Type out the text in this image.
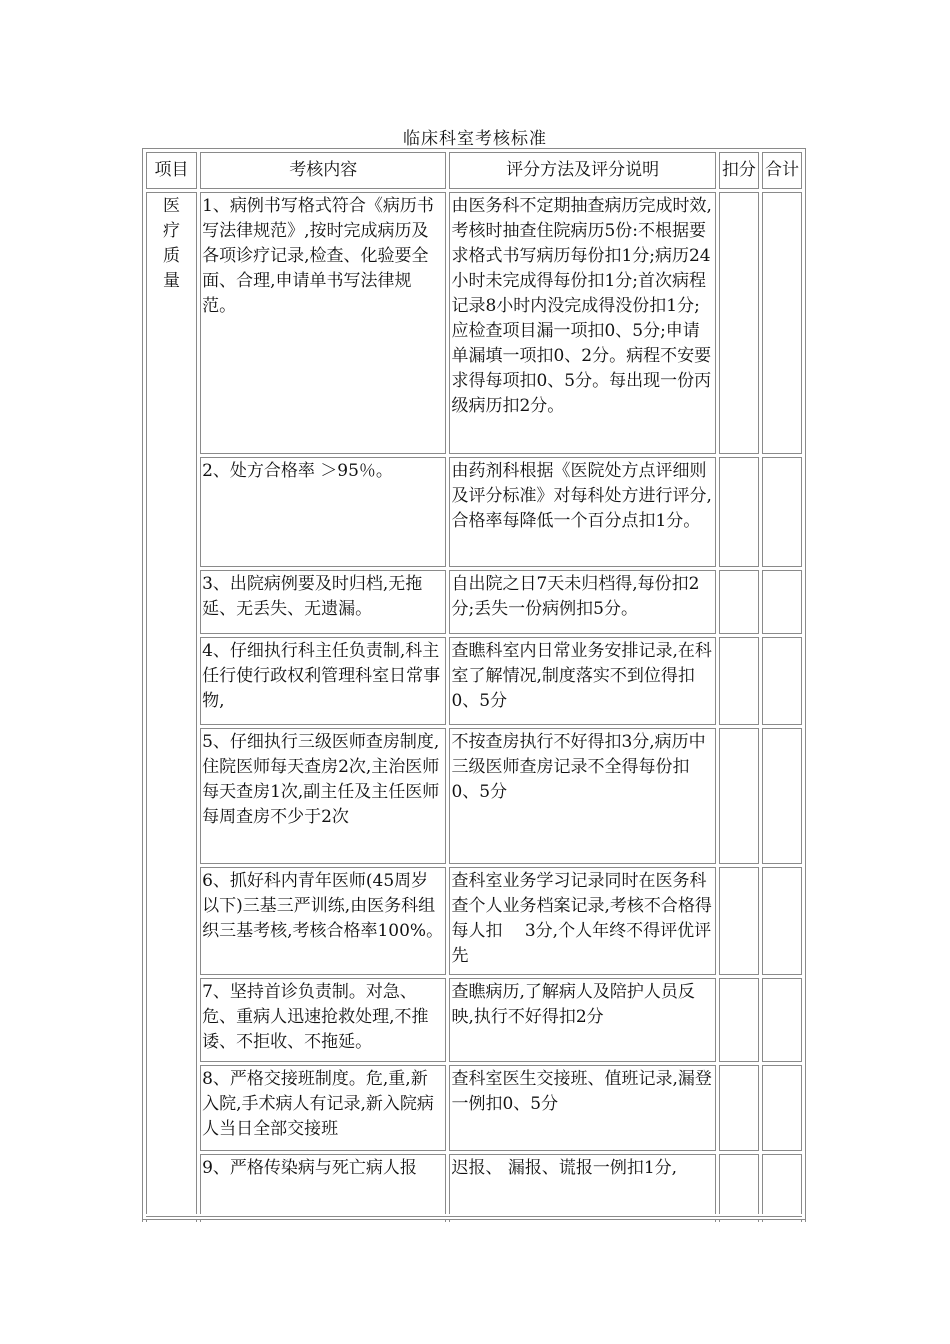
临床科室考核标准
项目	考核内容	评分方法及评分说明	扣分	合计

医
疗
质
量	1、病例书写格式符合《病历书写法律规范》,按时完成病历及各项诊疗记录,检查、化验要全面、合理,申请单书写法律规范。	由医务科不定期抽查病历完成时效,考核时抽查住院病历5份:不根据要求格式书写病历每份扣1分;病历24小时未完成得每份扣1分;首次病程记录8小时内没完成得没份扣1分;应检查项目漏一项扣0、5分;申请单漏填一项扣0、2分。病程不安要求得每项扣0、5分。每出现一份丙级病历扣2分。		
	2、处方合格率 ＞95％。	由药剂科根据《医院处方点评细则及评分标准》对每科处方进行评分,合格率每降低一个百分点扣1分。		
	3、出院病例要及时归档,无拖延、无丢失、无遗漏。	自出院之日7天未归档得,每份扣2分;丢失一份病例扣5分。		
	4、仔细执行科主任负责制,科主任行使行政权利管理科室日常事物,	查瞧科室内日常业务安排记录,在科室了解情况,制度落实不到位得扣0、5分		
	5、仔细执行三级医师查房制度,住院医师每天查房2次,主治医师每天查房1次,副主任及主任医师每周查房不少于2次	不按查房执行不好得扣3分,病历中三级医师查房记录不全得每份扣0、5分		
	6、抓好科内青年医师(45周岁以下)三基三严训练,由医务科组织三基考核,考核合格率100%。	查科室业务学习记录同时在医务科查个人业务档案记录,考核不合格得每人扣　 3分,个人年终不得评优评先		
	7、坚持首诊负责制。对急、危、重病人迅速抢救处理,不推诿、不拒收、不拖延。	查瞧病历,了解病人及陪护人员反映,执行不好得扣2分		
	8、严格交接班制度。危,重,新入院,手术病人有记录,新入院病人当日全部交接班	查科室医生交接班、值班记录,漏登一例扣0、5分		
	9、严格传染病与死亡病人报	迟报、 漏报、谎报一例扣1分,		
